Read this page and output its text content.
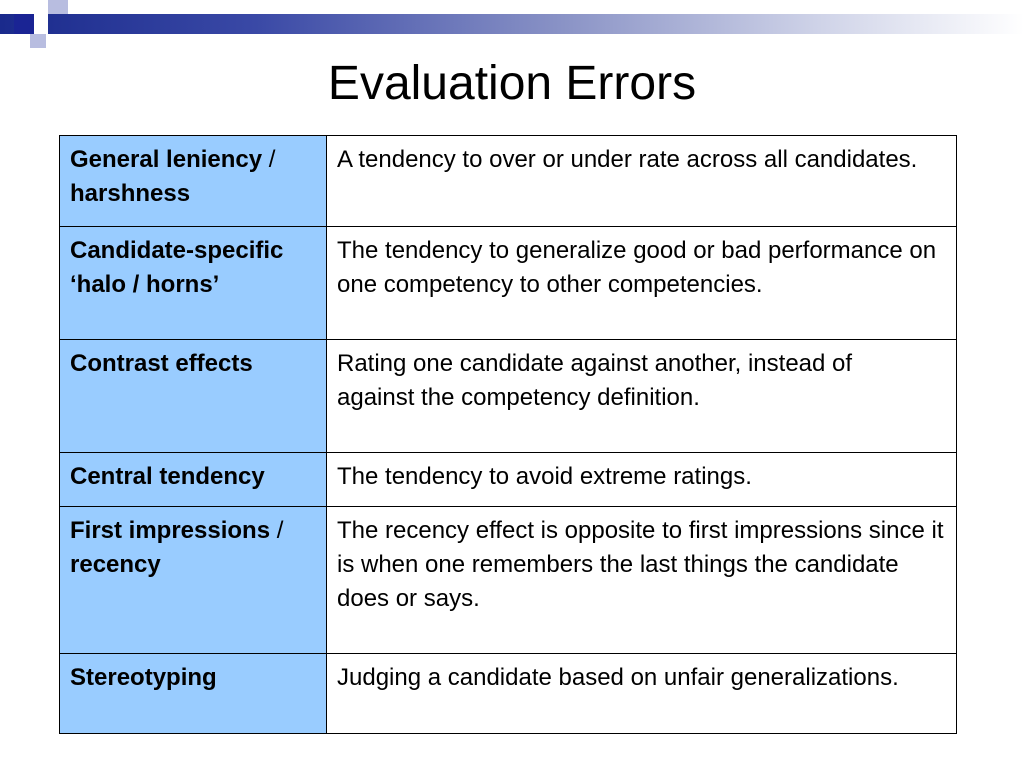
Evaluation Errors
General leniency / harshness	A tendency to over or under rate across all candidates.
Candidate-specific ‘halo / horns’	The tendency to generalize good or bad performance on one competency to other competencies.
Contrast effects	Rating one candidate against another, instead of
against the competency definition.
Central tendency	The tendency to avoid extreme ratings.
First impressions / recency	The recency effect is opposite to first impressions since it is when one remembers the last things the candidate
does or says.
Stereotyping	Judging a candidate based on unfair generalizations.
